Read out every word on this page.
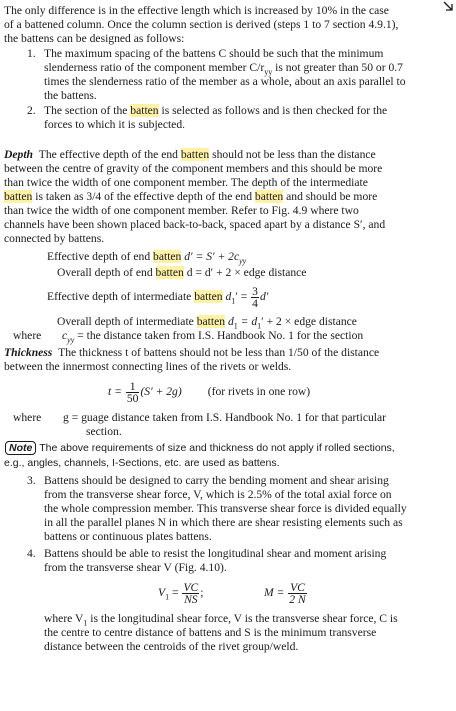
The only difference is in the effective length which is increased by 10% in the case
of a battened column. Once the column section is derived (steps 1 to 7 section 4.9.1),
the battens can be designed as follows:
1. The maximum spacing of the battens C should be such that the minimum
slenderness ratio of the component member $C/r_{yy}$ is not greater than 50 or 0.7
times the slenderness ratio of the member as a whole, about an axis parallel to
the battens.
2. The section of the batten is selected as follows and is then checked for the
forces to which it is subjected.
Depth The effective depth of the end batten should not be less than the distance
between the centre of gravity of the component members and this should be more
than twice the width of one component member. The depth of the intermediate
batten is taken as 3/4 of the effective depth of the end batten and should be more
than twice the width of one component member. Refer to Fig. 4.9 where two
channels have been shown placed back-to-back, spaced apart by a distance S′, and
connected by battens.
Effective depth of end batten $d' = S' + 2c_{yy}$
Overall depth of end batten d = d′ + 2 × edge distance
Effective depth of intermediate batten $d_1' = \frac{3}{4} d'$
Overall depth of intermediate batten $d_1 = d_1' + 2$ × edge distance
where $c_{yy}$ = the distance taken from I.S. Handbook No. 1 for the section
Thickness The thickness t of battens should not be less than 1/50 of the distance
between the innermost connecting lines of the rivets or welds.
$t = \frac{1}{50} (S' + 2g)$ (for rivets in one row)
where g = guage distance taken from I.S. Handbook No. 1 for that particular
section.
Note The above requirements of size and thickness do not apply if rolled sections,
e.g., angles, channels, I-Sections, etc. are used as battens.
3. Battens should be designed to carry the bending moment and shear arising
from the transverse shear force, V, which is 2.5% of the total axial force on
the whole compression member. This transverse shear force is divided equally
in all the parallel planes N in which there are shear resisting elements such as
battens or continuous plates battens.
4. Battens should be able to resist the longitudinal shear and moment arising
from the transverse shear V (Fig. 4.10).
$V_1 = \frac{VC}{NS}$ ;	$M = \frac{VC}{2 N}$
where $V_1$ is the longitudinal shear force, V is the transverse shear force, C is
the centre to centre distance of battens and S is the minimum transverse
distance between the centroids of the rivet group/weld.
